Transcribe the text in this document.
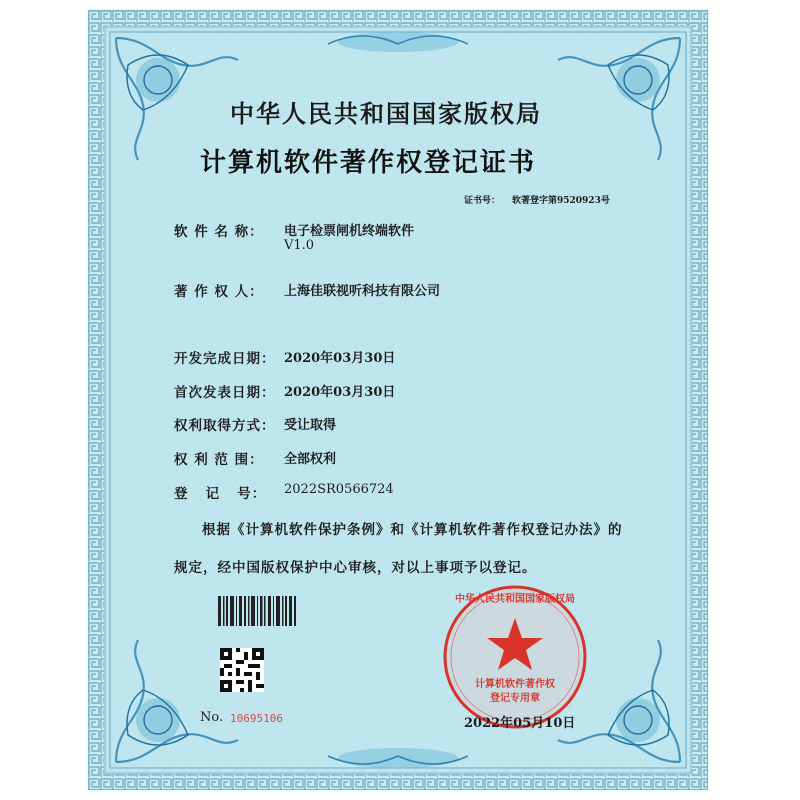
中华人民共和国国家版权局
计算机软件著作权登记证书
证书号： 软著登字第9520923号
软 件 名 称： 电子检票闸机终端软件
V1.0
著 作 权 人： 上海佳联视听科技有限公司
开发完成日期： 2020年03月30日
首次发表日期： 2020年03月30日
权利取得方式： 受让取得
权 利 范 围： 全部权利
登   记   号： 2022SR0566724
根据《计算机软件保护条例》和《计算机软件著作权登记办法》的
规定，经中国版权保护中心审核，对以上事项予以登记。
No. 10695106
中华人民共和国国家版权局
计算机软件著作权
登记专用章
2022年05月10日
